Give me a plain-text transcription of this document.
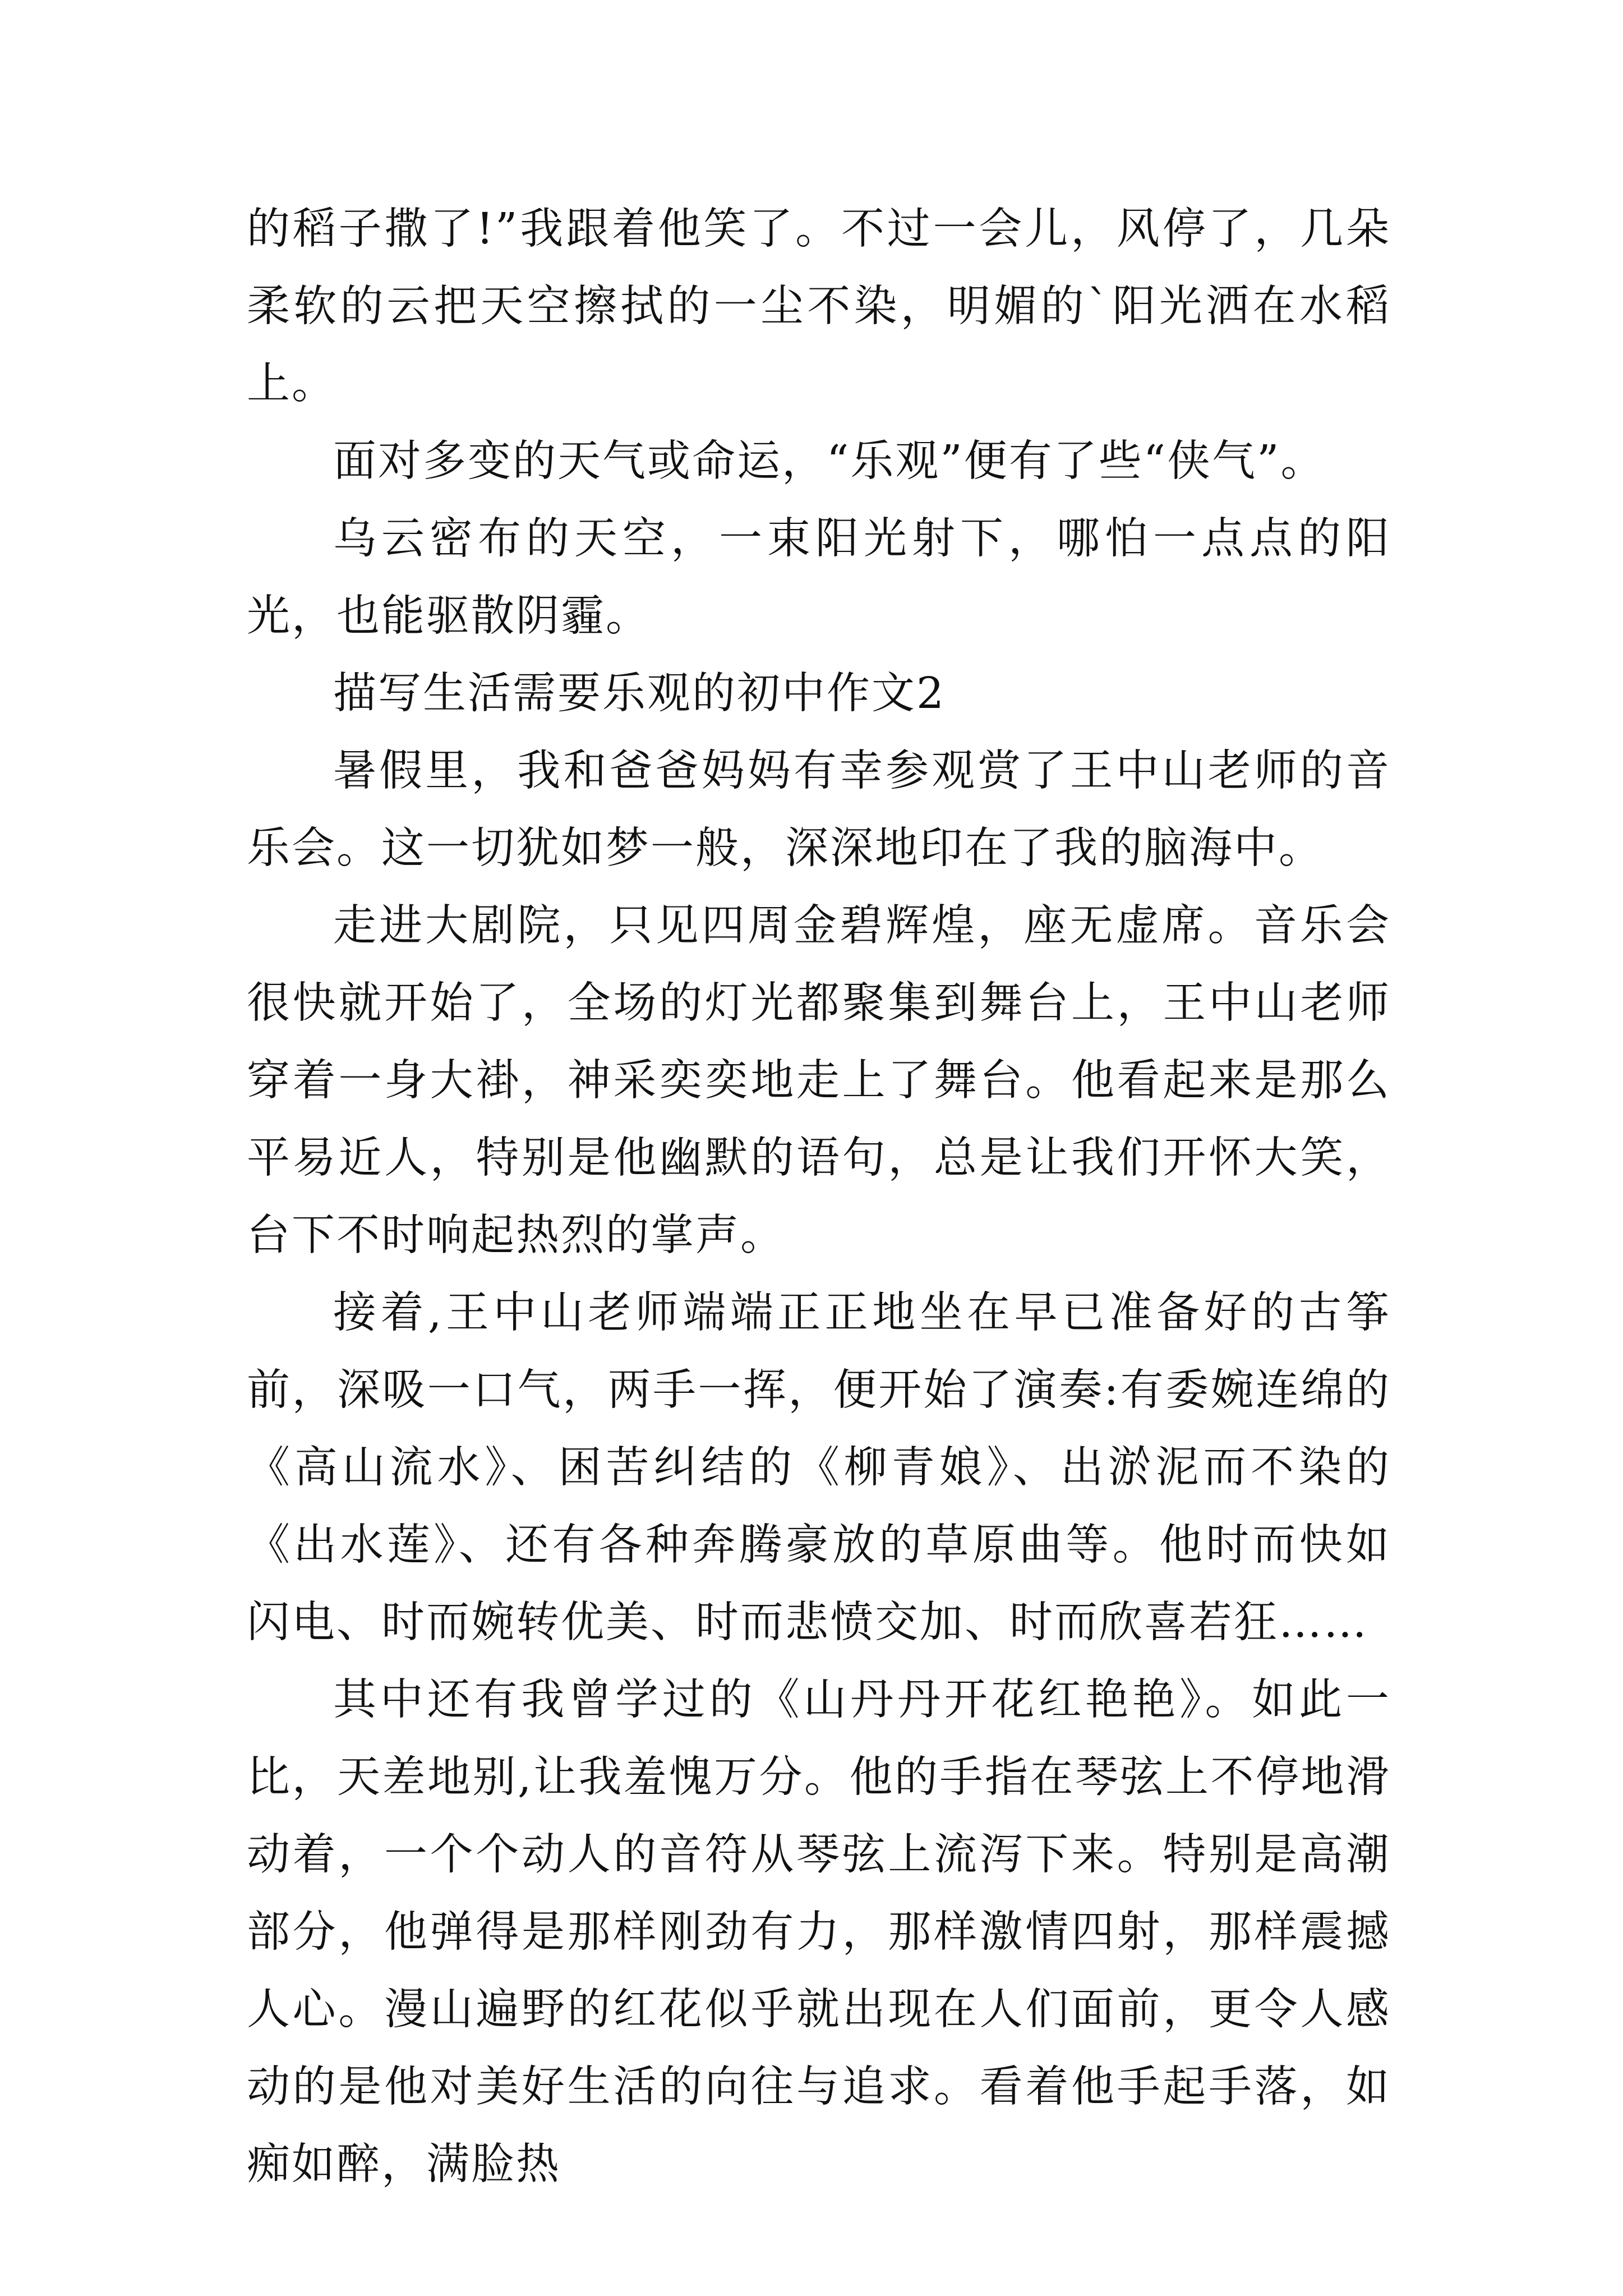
的稻子撒了!”我跟着他笑了。不过一会儿，风停了，几朵柔软的云把天空擦拭的一尘不染，明媚的`阳光洒在水稻上。

面对多变的天气或命运，“乐观”便有了些“侠气”。

乌云密布的天空，一束阳光射下，哪怕一点点的阳光，也能驱散阴霾。

描写生活需要乐观的初中作文2

暑假里，我和爸爸妈妈有幸参观赏了王中山老师的音乐会。这一切犹如梦一般，深深地印在了我的脑海中。

走进大剧院，只见四周金碧辉煌，座无虚席。音乐会很快就开始了，全场的灯光都聚集到舞台上，王中山老师穿着一身大褂，神采奕奕地走上了舞台。他看起来是那么平易近人，特别是他幽默的语句，总是让我们开怀大笑，台下不时响起热烈的掌声。

接着,王中山老师端端正正地坐在早已准备好的古筝前，深吸一口气，两手一挥，便开始了演奏:有委婉连绵的《高山流水》、困苦纠结的《柳青娘》、出淤泥而不染的《出水莲》、还有各种奔腾豪放的草原曲等。他时而快如闪电、时而婉转优美、时而悲愤交加、时而欣喜若狂……

其中还有我曾学过的《山丹丹开花红艳艳》。如此一比，天差地别,让我羞愧万分。他的手指在琴弦上不停地滑动着，一个个动人的音符从琴弦上流泻下来。特别是高潮部分，他弹得是那样刚劲有力，那样激情四射，那样震撼人心。漫山遍野的红花似乎就出现在人们面前，更令人感动的是他对美好生活的向往与追求。看着他手起手落，如痴如醉，满脸热
